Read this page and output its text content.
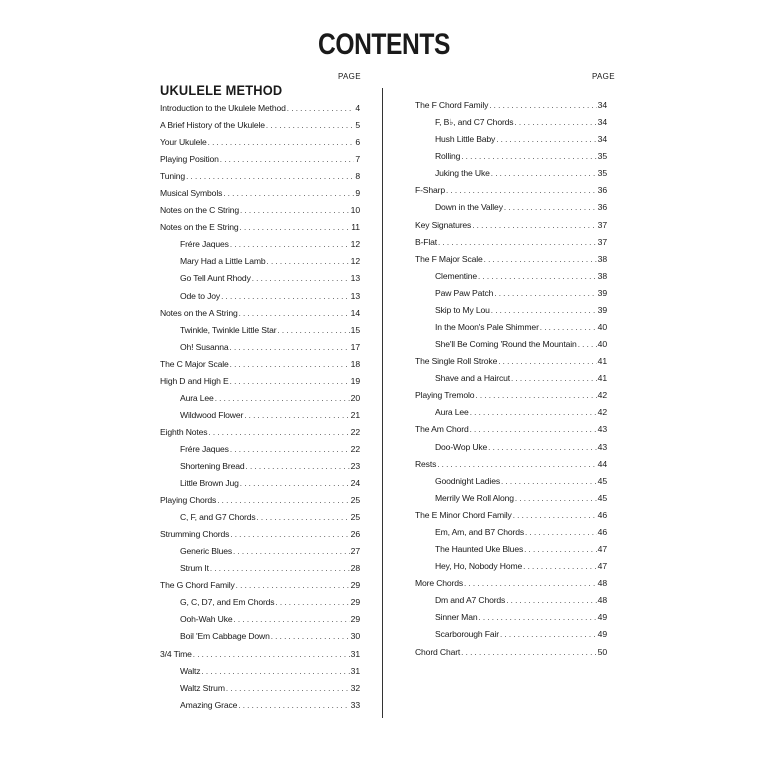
CONTENTS
PAGE	PAGE
UKULELE METHOD
Introduction to the Ukulele Method . . .	4
A Brief History of the Ukulele . . .	5
Your Ukulele . . .	6
Playing Position . . .	7
Tuning . . .	8
Musical Symbols . . .	9
Notes on the C String . . .	10
Notes on the E String . . .	11
Frére Jaques . . .	12
Mary Had a Little Lamb . . .	12
Go Tell Aunt Rhody . . .	13
Ode to Joy . . .	13
Notes on the A String . . .	14
Twinkle, Twinkle Little Star . . .	15
Oh! Susanna . . .	17
The C Major Scale . . .	18
High D and High E . . .	19
Aura Lee . . .	20
Wildwood Flower . . .	21
Eighth Notes . . .	22
Frére Jaques . . .	22
Shortening Bread . . .	23
Little Brown Jug . . .	24
Playing Chords . . .	25
C, F, and G7 Chords . . .	25
Strumming Chords . . .	26
Generic Blues . . .	27
Strum It . . .	28
The G Chord Family . . .	29
G, C, D7, and Em Chords . . .	29
Ooh-Wah Uke . . .	29
Boil 'Em Cabbage Down . . .	30
3/4 Time . . .	31
Waltz . . .	31
Waltz Strum . . .	32
Amazing Grace . . .	33
The F Chord Family . . .	34
F, B♭, and C7 Chords . . .	34
Hush Little Baby . . .	34
Rolling . . .	35
Juking the Uke . . .	35
F-Sharp . . .	36
Down in the Valley . . .	36
Key Signatures . . .	37
B-Flat . . .	37
The F Major Scale . . .	38
Clementine . . .	38
Paw Paw Patch . . .	39
Skip to My Lou . . .	39
In the Moon's Pale Shimmer . . .	40
She'll Be Coming 'Round the Mountain . . . 40
The Single Roll Stroke . . .	41
Shave and a Haircut . . .	41
Playing Tremolo . . .	42
Aura Lee . . .	42
The Am Chord . . .	43
Doo-Wop Uke . . .	43
Rests . . .	44
Goodnight Ladies . . .	45
Merrily We Roll Along . . .	45
The E Minor Chord Family . . .	46
Em, Am, and B7 Chords . . .	46
The Haunted Uke Blues . . .	47
Hey, Ho, Nobody Home . . .	47
More Chords . . .	48
Dm and A7 Chords . . .	48
Sinner Man . . .	49
Scarborough Fair . . .	49
Chord Chart . . .	50
